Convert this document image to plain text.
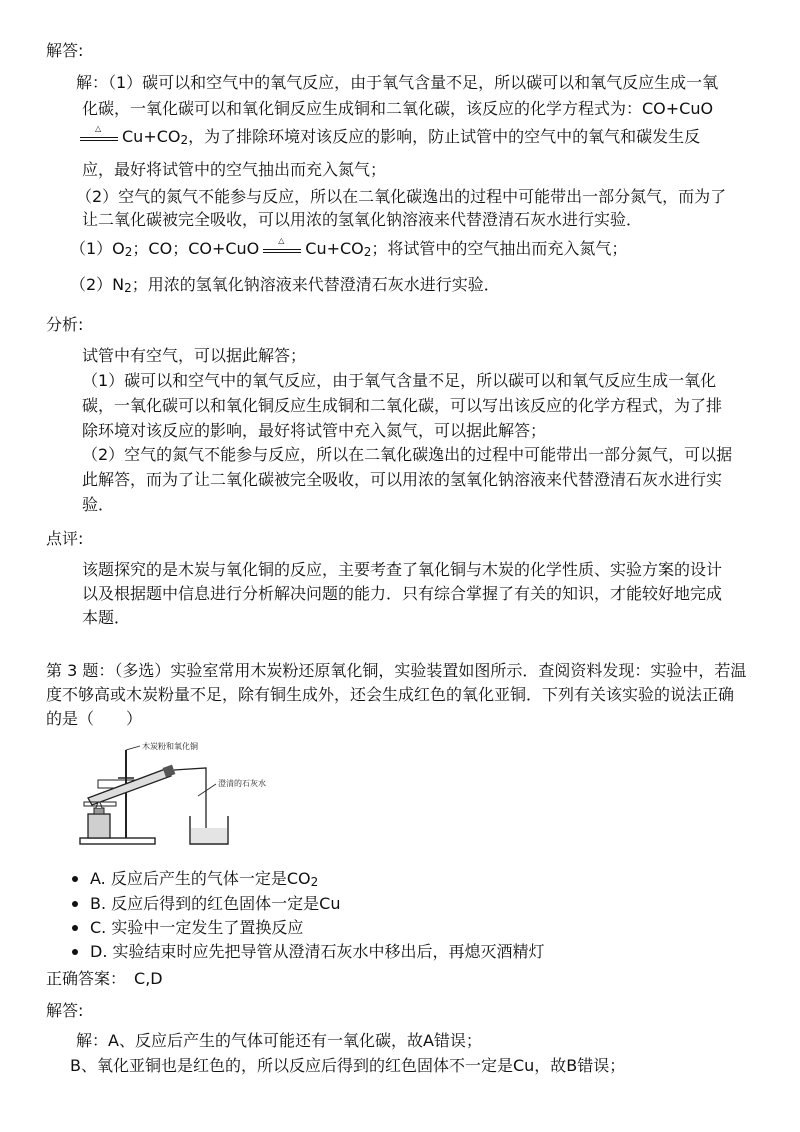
解答:
解：（1）碳可以和空气中的氧气反应，由于氧气含量不足，所以碳可以和氧气反应生成一氧
化碳，一氧化碳可以和氧化铜反应生成铜和二氧化碳，该反应的化学方程式为：CO+CuO
△ $Cu+CO_2$，为了排除环境对该反应的影响，防止试管中的空气中的氧气和碳发生反
应，最好将试管中的空气抽出而充入氮气；
（2）空气的氮气不能参与反应，所以在二氧化碳逸出的过程中可能带出一部分氮气，而为了
让二氧化碳被完全吸收，可以用浓的氢氧化钠溶液来代替澄清石灰水进行实验．
$(1)O_2$；CO；CO+CuO △ $Cu+CO_2$；将试管中的空气抽出而充入氮气；
$(2)N_2$；用浓的氢氧化钠溶液来代替澄清石灰水进行实验．
分析:
试管中有空气，可以据此解答；
（1）碳可以和空气中的氧气反应，由于氧气含量不足，所以碳可以和氧气反应生成一氧化
碳，一氧化碳可以和氧化铜反应生成铜和二氧化碳，可以写出该反应的化学方程式，为了排
除环境对该反应的影响，最好将试管中充入氮气，可以据此解答；
（2）空气的氮气不能参与反应，所以在二氧化碳逸出的过程中可能带出一部分氮气，可以据
此解答，而为了让二氧化碳被完全吸收，可以用浓的氢氧化钠溶液来代替澄清石灰水进行实
验．
点评:
该题探究的是木炭与氧化铜的反应，主要考查了氧化铜与木炭的化学性质、实验方案的设计
以及根据题中信息进行分析解决问题的能力．只有综合掌握了有关的知识，才能较好地完成
本题．
第 3 题：（多选）实验室常用木炭粉还原氧化铜，实验装置如图所示．查阅资料发现：实验中，若温
度不够高或木炭粉量不足，除有铜生成外，还会生成红色的氧化亚铜．下列有关该实验的说法正确
的是（　　）
木炭粉和氧化铜
澄清的石灰水
A. 反应后产生的气体一定是$CO_2$
B. 反应后得到的红色固体一定是Cu
C. 实验中一定发生了置换反应
D. 实验结束时应先把导管从澄清石灰水中移出后，再熄灭酒精灯
正确答案： C,D
解答:
解：A、反应后产生的气体可能还有一氧化碳，故A错误；
B、氧化亚铜也是红色的，所以反应后得到的红色固体不一定是Cu，故B错误；
